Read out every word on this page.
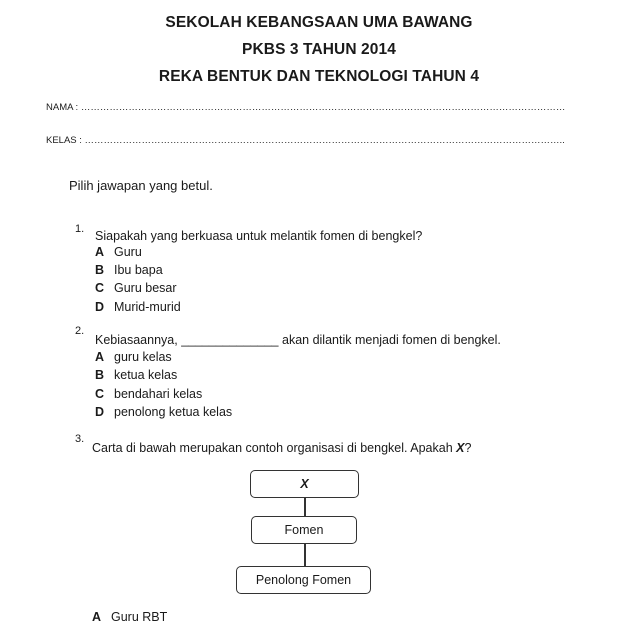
SEKOLAH KEBANGSAAN UMA BAWANG
PKBS 3 TAHUN 2014
REKA BENTUK DAN TEKNOLOGI TAHUN 4
NAMA : ………………………………………………………………………………………………………………………………………
KELAS : ……………………………………………………………………………………………………………………………………..
Pilih jawapan yang betul.
1. Siapakah yang berkuasa untuk melantik fomen di bengkel?
A Guru
B Ibu bapa
C Guru besar
D Murid-murid
2.
Kebiasaannya, ______________ akan dilantik menjadi fomen di bengkel.
A guru kelas
B ketua kelas
C bendahari kelas
D penolong ketua kelas
3.
Carta di bawah merupakan contoh organisasi di bengkel. Apakah X?
X
Fomen
Penolong Fomen
A Guru RBT
